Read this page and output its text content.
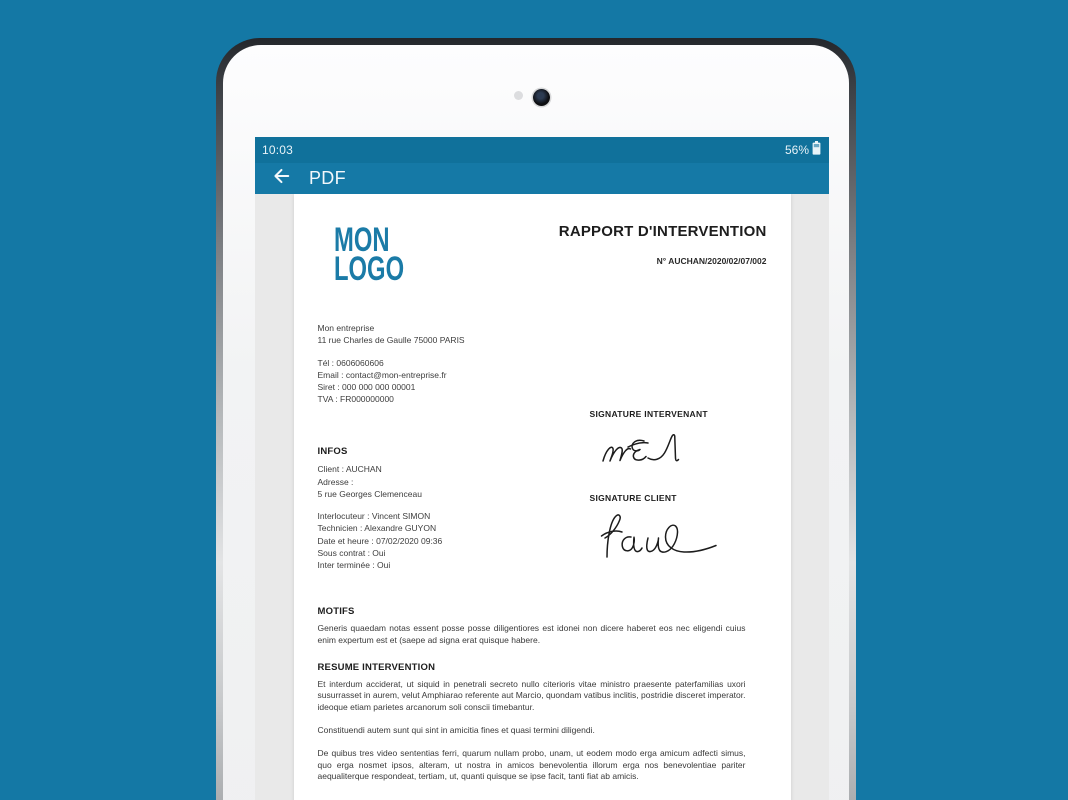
10:03	56%
PDF
MON
LOGO
RAPPORT D'INTERVENTION
N° AUCHAN/2020/02/07/002
Mon entreprise
11 rue Charles de Gaulle 75000 PARIS
Tél : 0606060606
Email : contact@mon-entreprise.fr
Siret : 000 000 000 00001
TVA : FR000000000
INFOS
Client : AUCHAN
Adresse :
5 rue Georges Clemenceau
Interlocuteur : Vincent SIMON
Technicien : Alexandre GUYON
Date et heure : 07/02/2020 09:36
Sous contrat : Oui
Inter terminée : Oui
SIGNATURE INTERVENANT
SIGNATURE CLIENT
MOTIFS

Generis quaedam notas essent posse posse diligentiores est idonei non dicere haberet eos nec eligendi cuius enim expertum est et (saepe ad signa erat quisque habere.

RESUME INTERVENTION

Et interdum acciderat, ut siquid in penetrali secreto nullo citerioris vitae ministro praesente paterfamilias uxori susurrasset in aurem, velut Amphiarao referente aut Marcio, quondam vatibus inclitis, postridie disceret imperator. ideoque etiam parietes arcanorum soli conscii timebantur.

Constituendi autem sunt qui sint in amicitia fines et quasi termini diligendi.

De quibus tres video sententias ferri, quarum nullam probo, unam, ut eodem modo erga amicum adfecti simus, quo erga nosmet ipsos, alteram, ut nostra in amicos benevolentia illorum erga nos benevolentiae pariter aequaliterque respondeat, tertiam, ut, quanti quisque se ipse facit, tanti fiat ab amicis.
